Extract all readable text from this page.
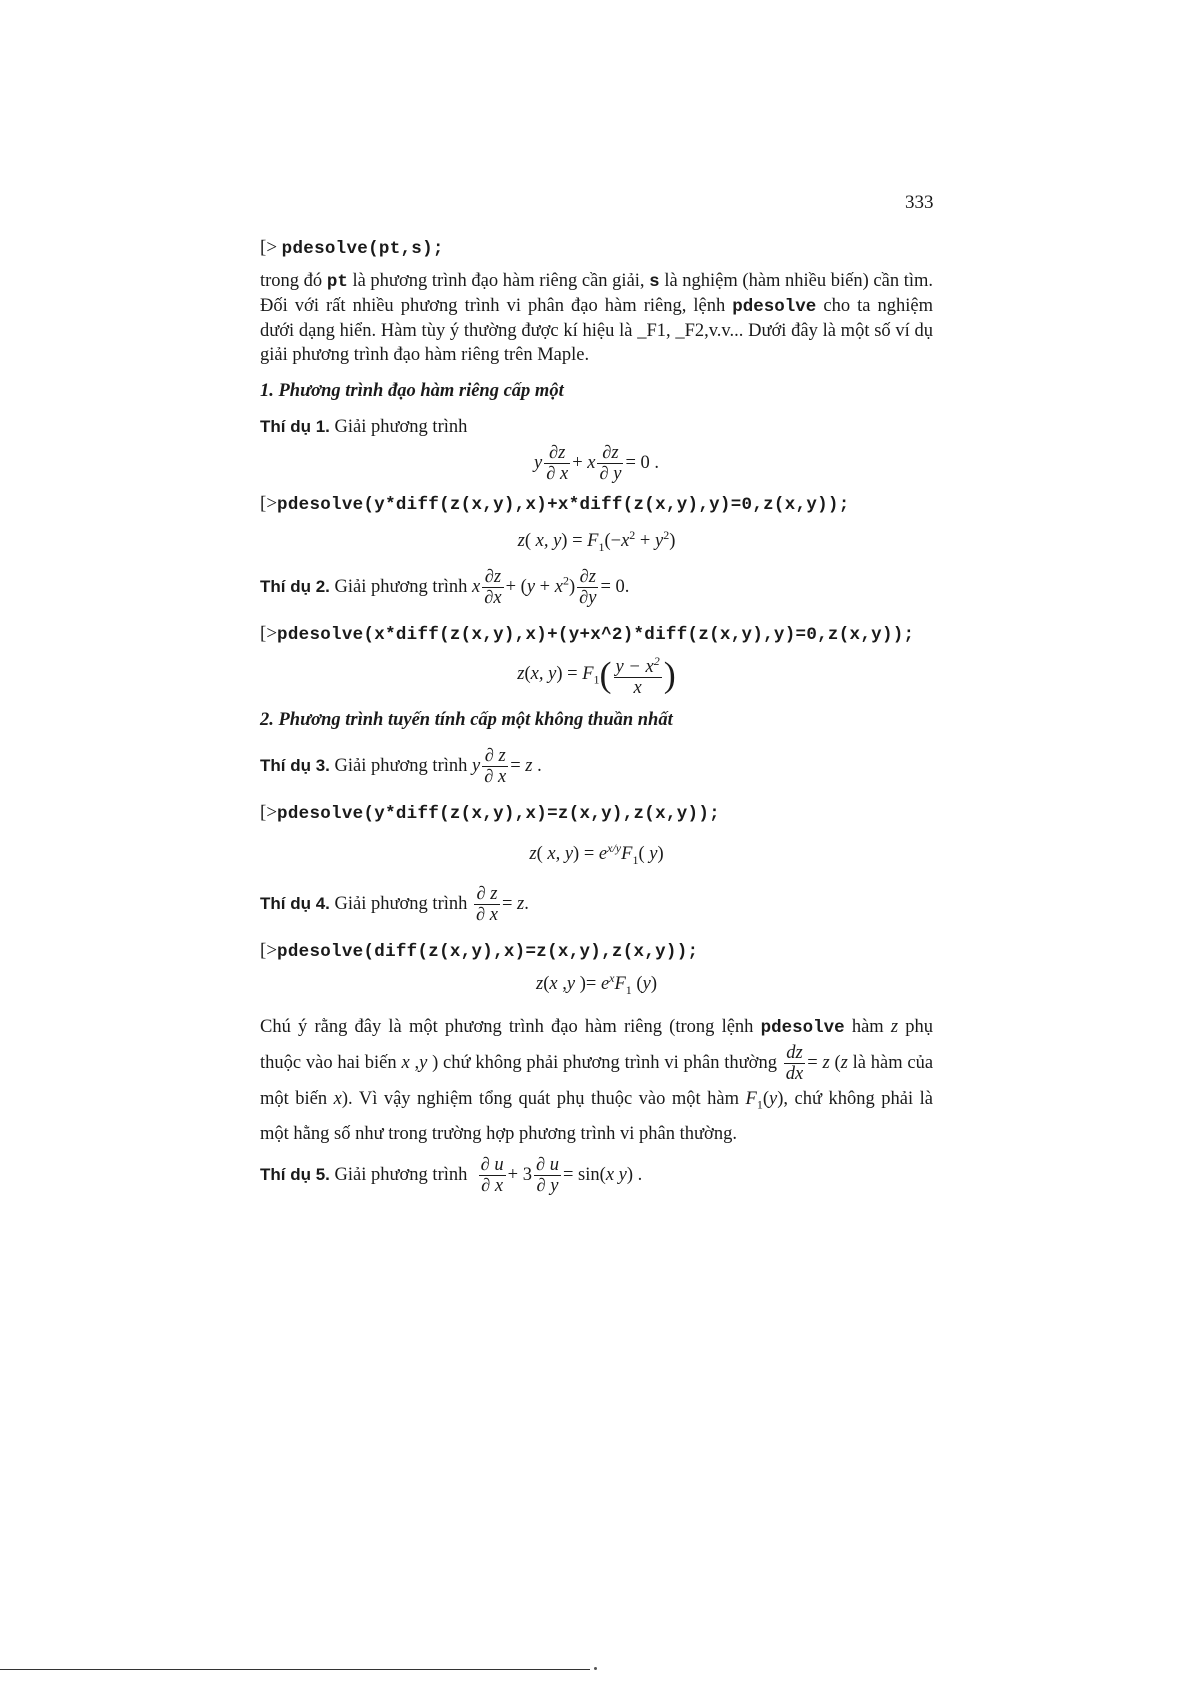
333

[> pdesolve(pt,s);

trong đó pt là phương trình đạo hàm riêng cần giải, s là nghiệm (hàm nhiều biến) cần tìm. Đối với rất nhiều phương trình vi phân đạo hàm riêng, lệnh pdesolve cho ta nghiệm dưới dạng hiển. Hàm tùy ý thường được kí hiệu là _F1, _F2,v.v... Dưới đây là một số ví dụ giải phương trình đạo hàm riêng trên Maple.

1. Phương trình đạo hàm riêng cấp một

Thí dụ 1. Giải phương trình

y $\frac{\partial z}{\partial x} + x \frac{\partial z}{\partial y} = 0$ .

[>pdesolve(y*diff(z(x,y),x)+x*diff(z(x,y),y)=0,z(x,y));

z( x, $y) = F_1(-x^2 + y^2)$

Thí dụ 2. Giải phương trình x $\frac{\partial z}{\partial x} + (y + x^2) \frac{\partial z}{\partial y} = 0$.

[>pdesolve(x*diff(z(x,y),x)+(y+x^2)*diff(z(x,y),y)=0,z(x,y));

z(x, $y) = F_1( \frac{y - x^2}{x}$ )

2. Phương trình tuyến tính cấp một không thuần nhất

Thí dụ 3. Giải phương trình y $\frac{\partial z}{\partial x} = z$ .

[>pdesolve(y*diff(z(x,y),x)=z(x,y),z(x,y));

z( x, $y) = e^{x/y}F_1$( y)

Thí dụ 4. Giải phương trình $\frac{\partial z}{\partial x} = z$.

[>pdesolve(diff(z(x,y),x)=z(x,y),z(x,y));

z(x ,y )= $e^xF_1$ (y)

Chú ý rằng đây là một phương trình đạo hàm riêng (trong lệnh pdesolve hàm z phụ thuộc vào hai biến x ,y ) chứ không phải phương trình vi phân thường $\frac{dz}{dx} = z$ (z là hàm của một biến x). Vì vậy nghiệm tổng quát phụ thuộc vào một hàm $F_1(y)$, chứ không phải là một hằng số như trong trường hợp phương trình vi phân thường.

Thí dụ 5. Giải phương trình $\frac{\partial u}{\partial x} + 3 \frac{\partial u}{\partial y} = \sin(x$ y) .
